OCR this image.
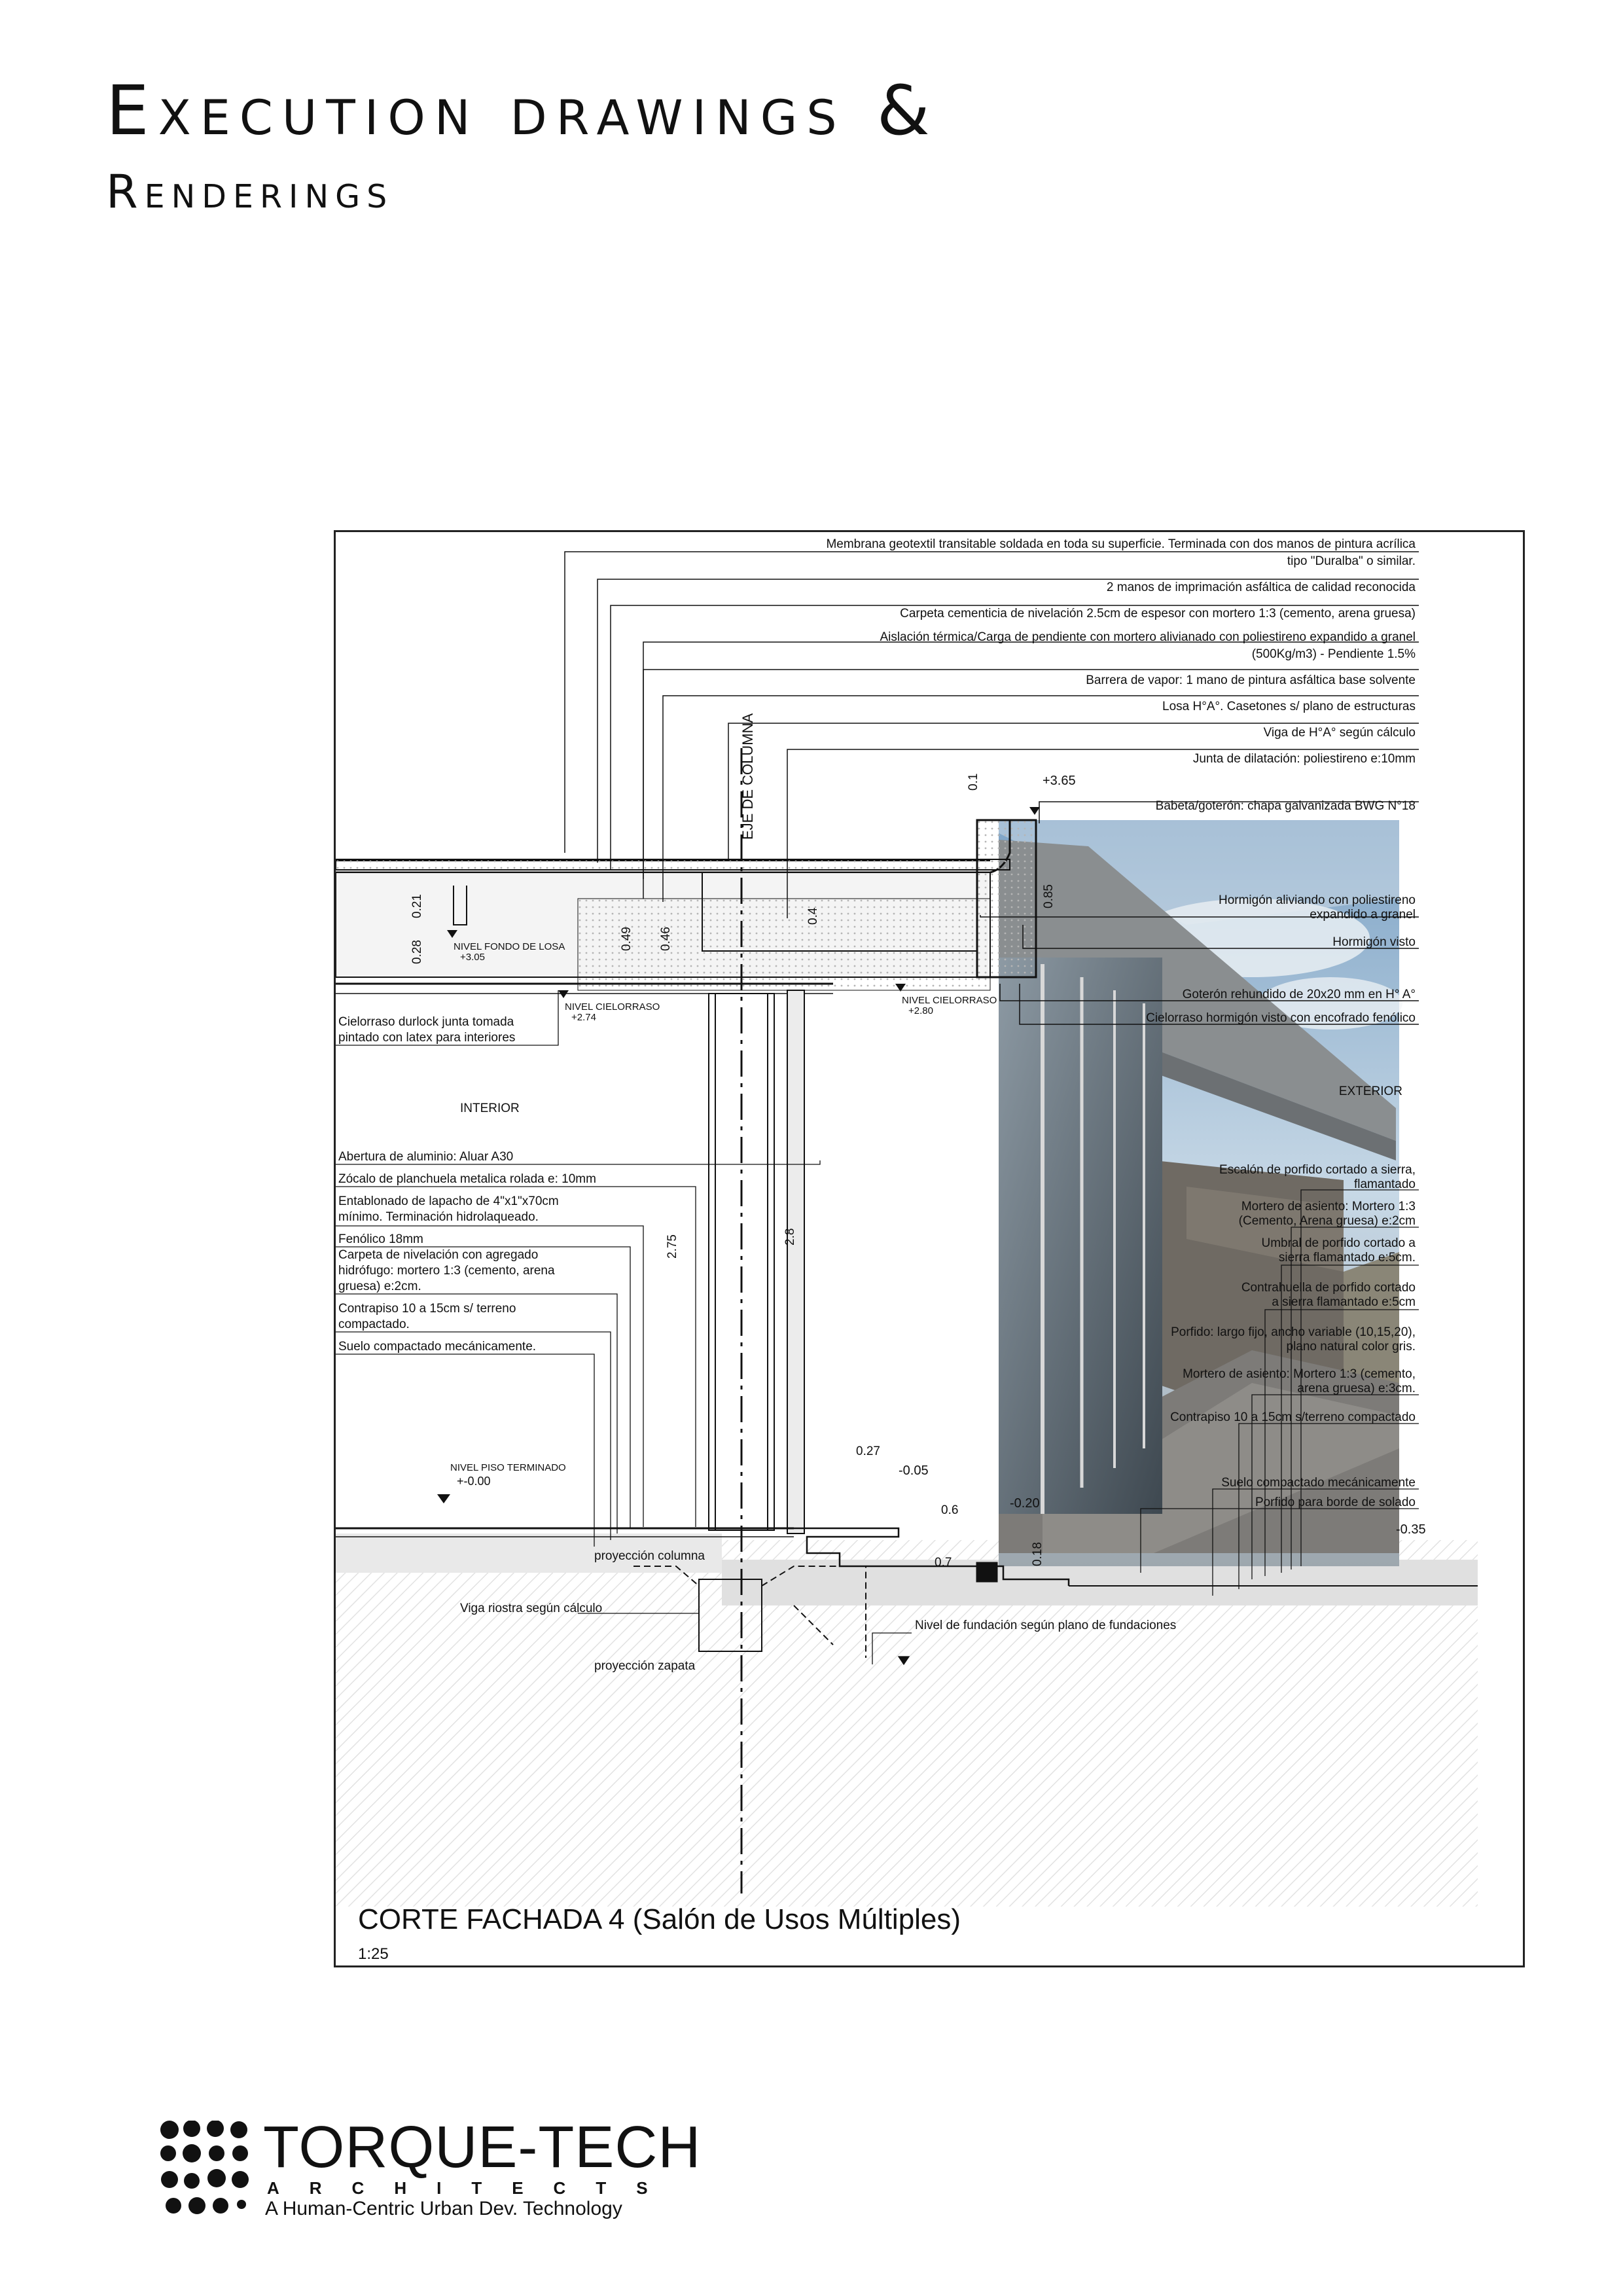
Execution drawings &
Renderings
EJE DE COLUMNA
Membrana geotextil transitable soldada en toda su superficie. Terminada con dos manos de pintura acrílica
tipo "Duralba" o similar.
2 manos de imprimación asfáltica de calidad reconocida
Carpeta cementicia de nivelación 2.5cm de espesor con mortero 1:3 (cemento, arena gruesa)
Aislación térmica/Carga de pendiente con mortero alivianado con poliestireno expandido a granel
(500Kg/m3) - Pendiente 1.5%
Barrera de vapor: 1 mano de pintura asfáltica base solvente
Losa H°A°. Casetones s/ plano de estructuras
Viga de H°A° según cálculo
Junta de dilatación: poliestireno e:10mm
Babeta/goterón: chapa galvanizada BWG N°18
Hormigón aliviando con poliestireno
expandido a granel
Hormigón visto
Goterón rehundido de 20x20 mm en H° A°
Cielorraso hormigón visto con encofrado fenólico
EXTERIOR
Escalón de porfido cortado a sierra,
flamantado
Mortero de asiento: Mortero 1:3
(Cemento, Arena gruesa) e:2cm
Umbral de porfido cortado a
sierra flamantado e:5cm.
Contrahuella de porfido cortado
a sierra flamantado e:5cm
Porfido: largo fijo, ancho variable (10,15,20),
plano natural color gris.
Mortero de asiento: Mortero 1:3 (cemento,
arena gruesa) e:3cm.
Contrapiso 10 a 15cm s/terreno compactado
Suelo compactado mecánicamente
Porfido para borde de solado
Cielorraso durlock junta tomada
pintado con latex para interiores
INTERIOR
Abertura de aluminio: Aluar A30
Zócalo de planchuela metalica rolada e: 10mm
Entablonado de lapacho de 4"x1"x70cm
mínimo. Terminación hidrolaqueado.
Fenólico 18mm
Carpeta de nivelación con agregado
hidrófugo: mortero 1:3 (cemento, arena
gruesa) e:2cm.
Contrapiso 10 a 15cm s/ terreno
compactado.
Suelo compactado mecánicamente.
NIVEL FONDO DE LOSA
+3.05
NIVEL CIELORRASO
+2.74
NIVEL CIELORRASO
+2.80
NIVEL PISO TERMINADO
+-0.00
+3.65
-0.05
-0.20
-0.35
0.21
0.28
0.49 0.46
0.4
0.1
0.85
2.75	2.8
0.27
0.6
0.18
0.7
proyección columna
Viga riostra según cálculo
Nivel de fundación según plano de fundaciones
proyección zapata
CORTE FACHADA 4 (Salón de Usos Múltiples)
1:25
TORQUE-TECH
ARCHITECTS
A Human-Centric Urban Dev. Technology
